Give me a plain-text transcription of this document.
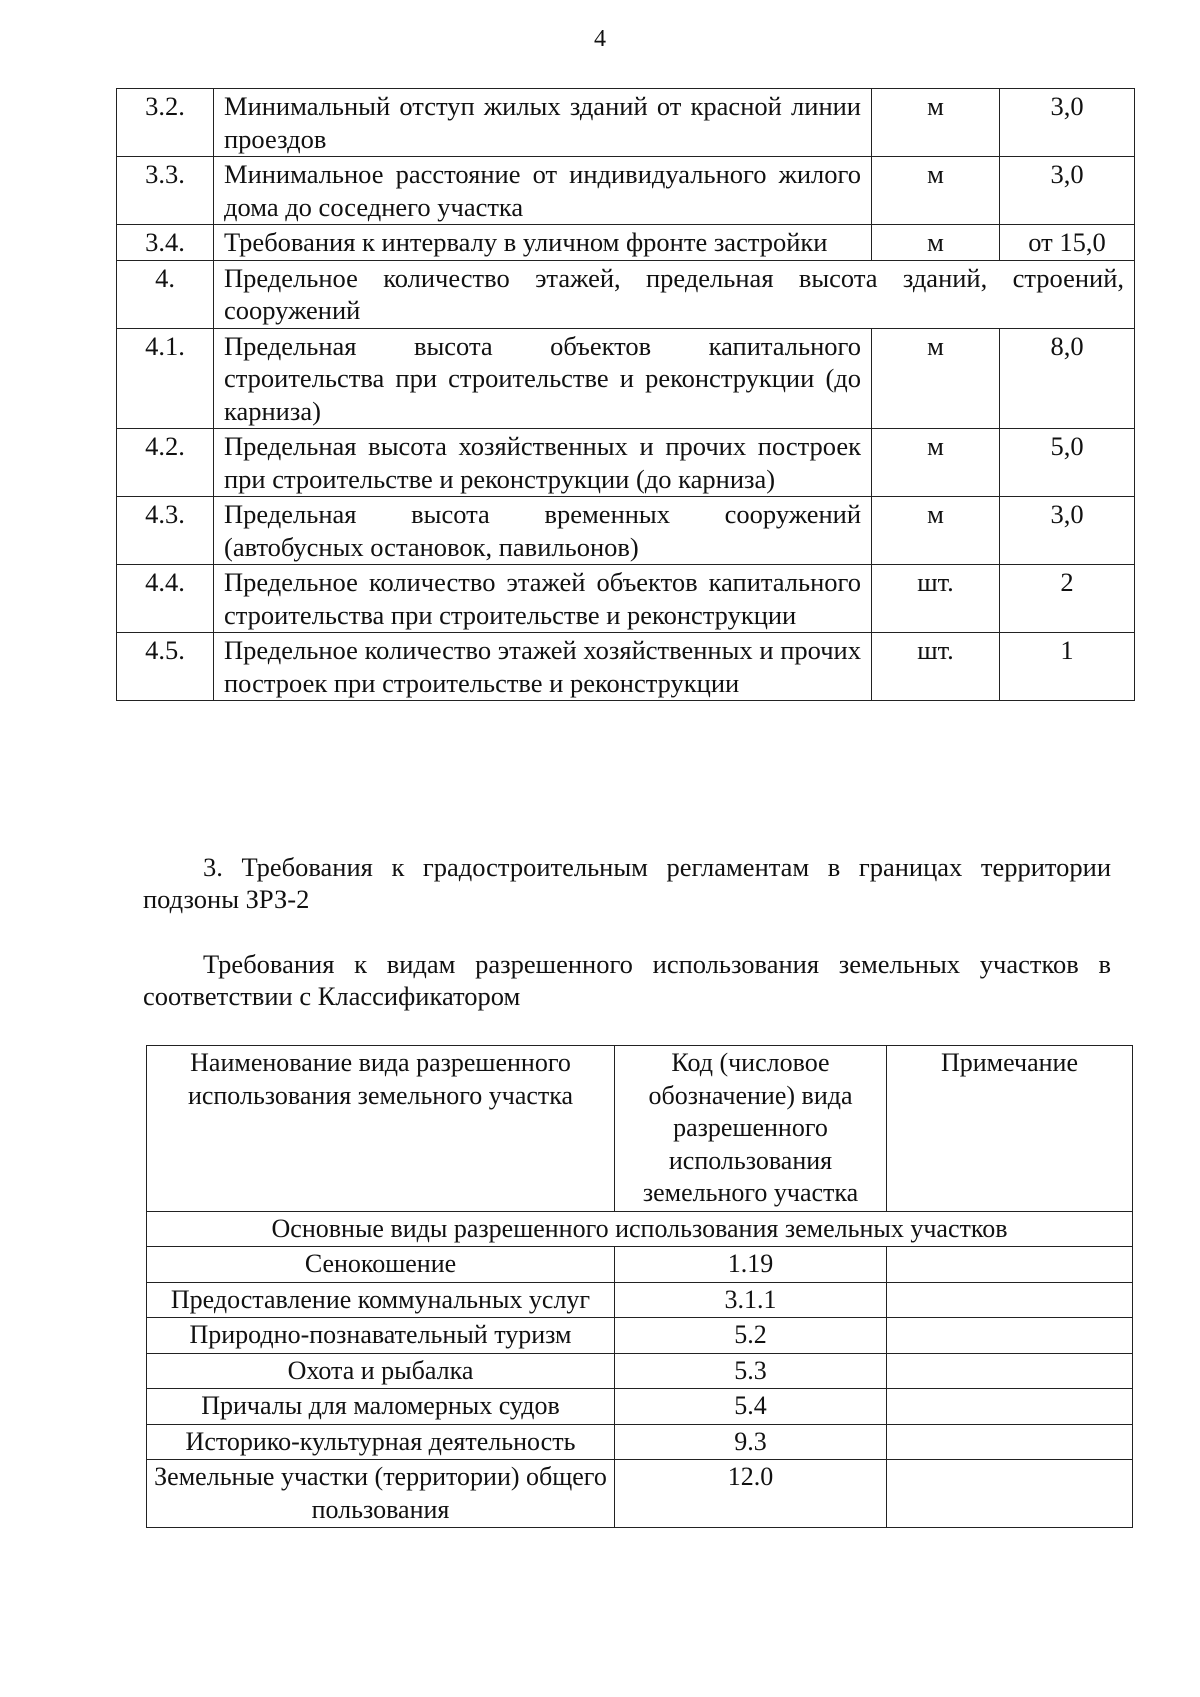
4
3.2.	Минимальный отступ жилых зданий от красной линии проездов	м	3,0
3.3.	Минимальное расстояние от индивидуального жилого дома до соседнего участка	м	3,0
3.4.	Требования к интервалу в уличном фронте застройки	м	от 15,0
4.	Предельное количество этажей, предельная высота зданий, строений, сооружений		
4.1.	Предельная высота объектов капитального строительства при строительстве и реконструкции (до карниза)	м	8,0
4.2.	Предельная высота хозяйственных и прочих построек при строительстве и реконструкции (до карниза)	м	5,0
4.3.	Предельная высота временных сооружений (автобусных остановок, павильонов)	м	3,0
4.4.	Предельное количество этажей объектов капитального строительства при строительстве и реконструкции	шт.	2
4.5.	Предельное количество этажей хозяйственных и прочих построек при строительстве и реконструкции	шт.	1

3. Требования к градостроительным регламентам в границах территории подзоны ЗРЗ-2

Требования к видам разрешенного использования земельных участков в соответствии с Классификатором

Наименование вида разрешенного использования земельного участка	Код (числовое обозначение) вида разрешенного использования земельного участка	Примечание
Основные виды разрешенного использования земельных участков		
Сенокошение	1.19	
Предоставление коммунальных услуг	3.1.1	
Природно-познавательный туризм	5.2	
Охота и рыбалка	5.3	
Причалы для маломерных судов	5.4	
Историко-культурная деятельность	9.3	
Земельные участки (территории) общего пользования	12.0	
